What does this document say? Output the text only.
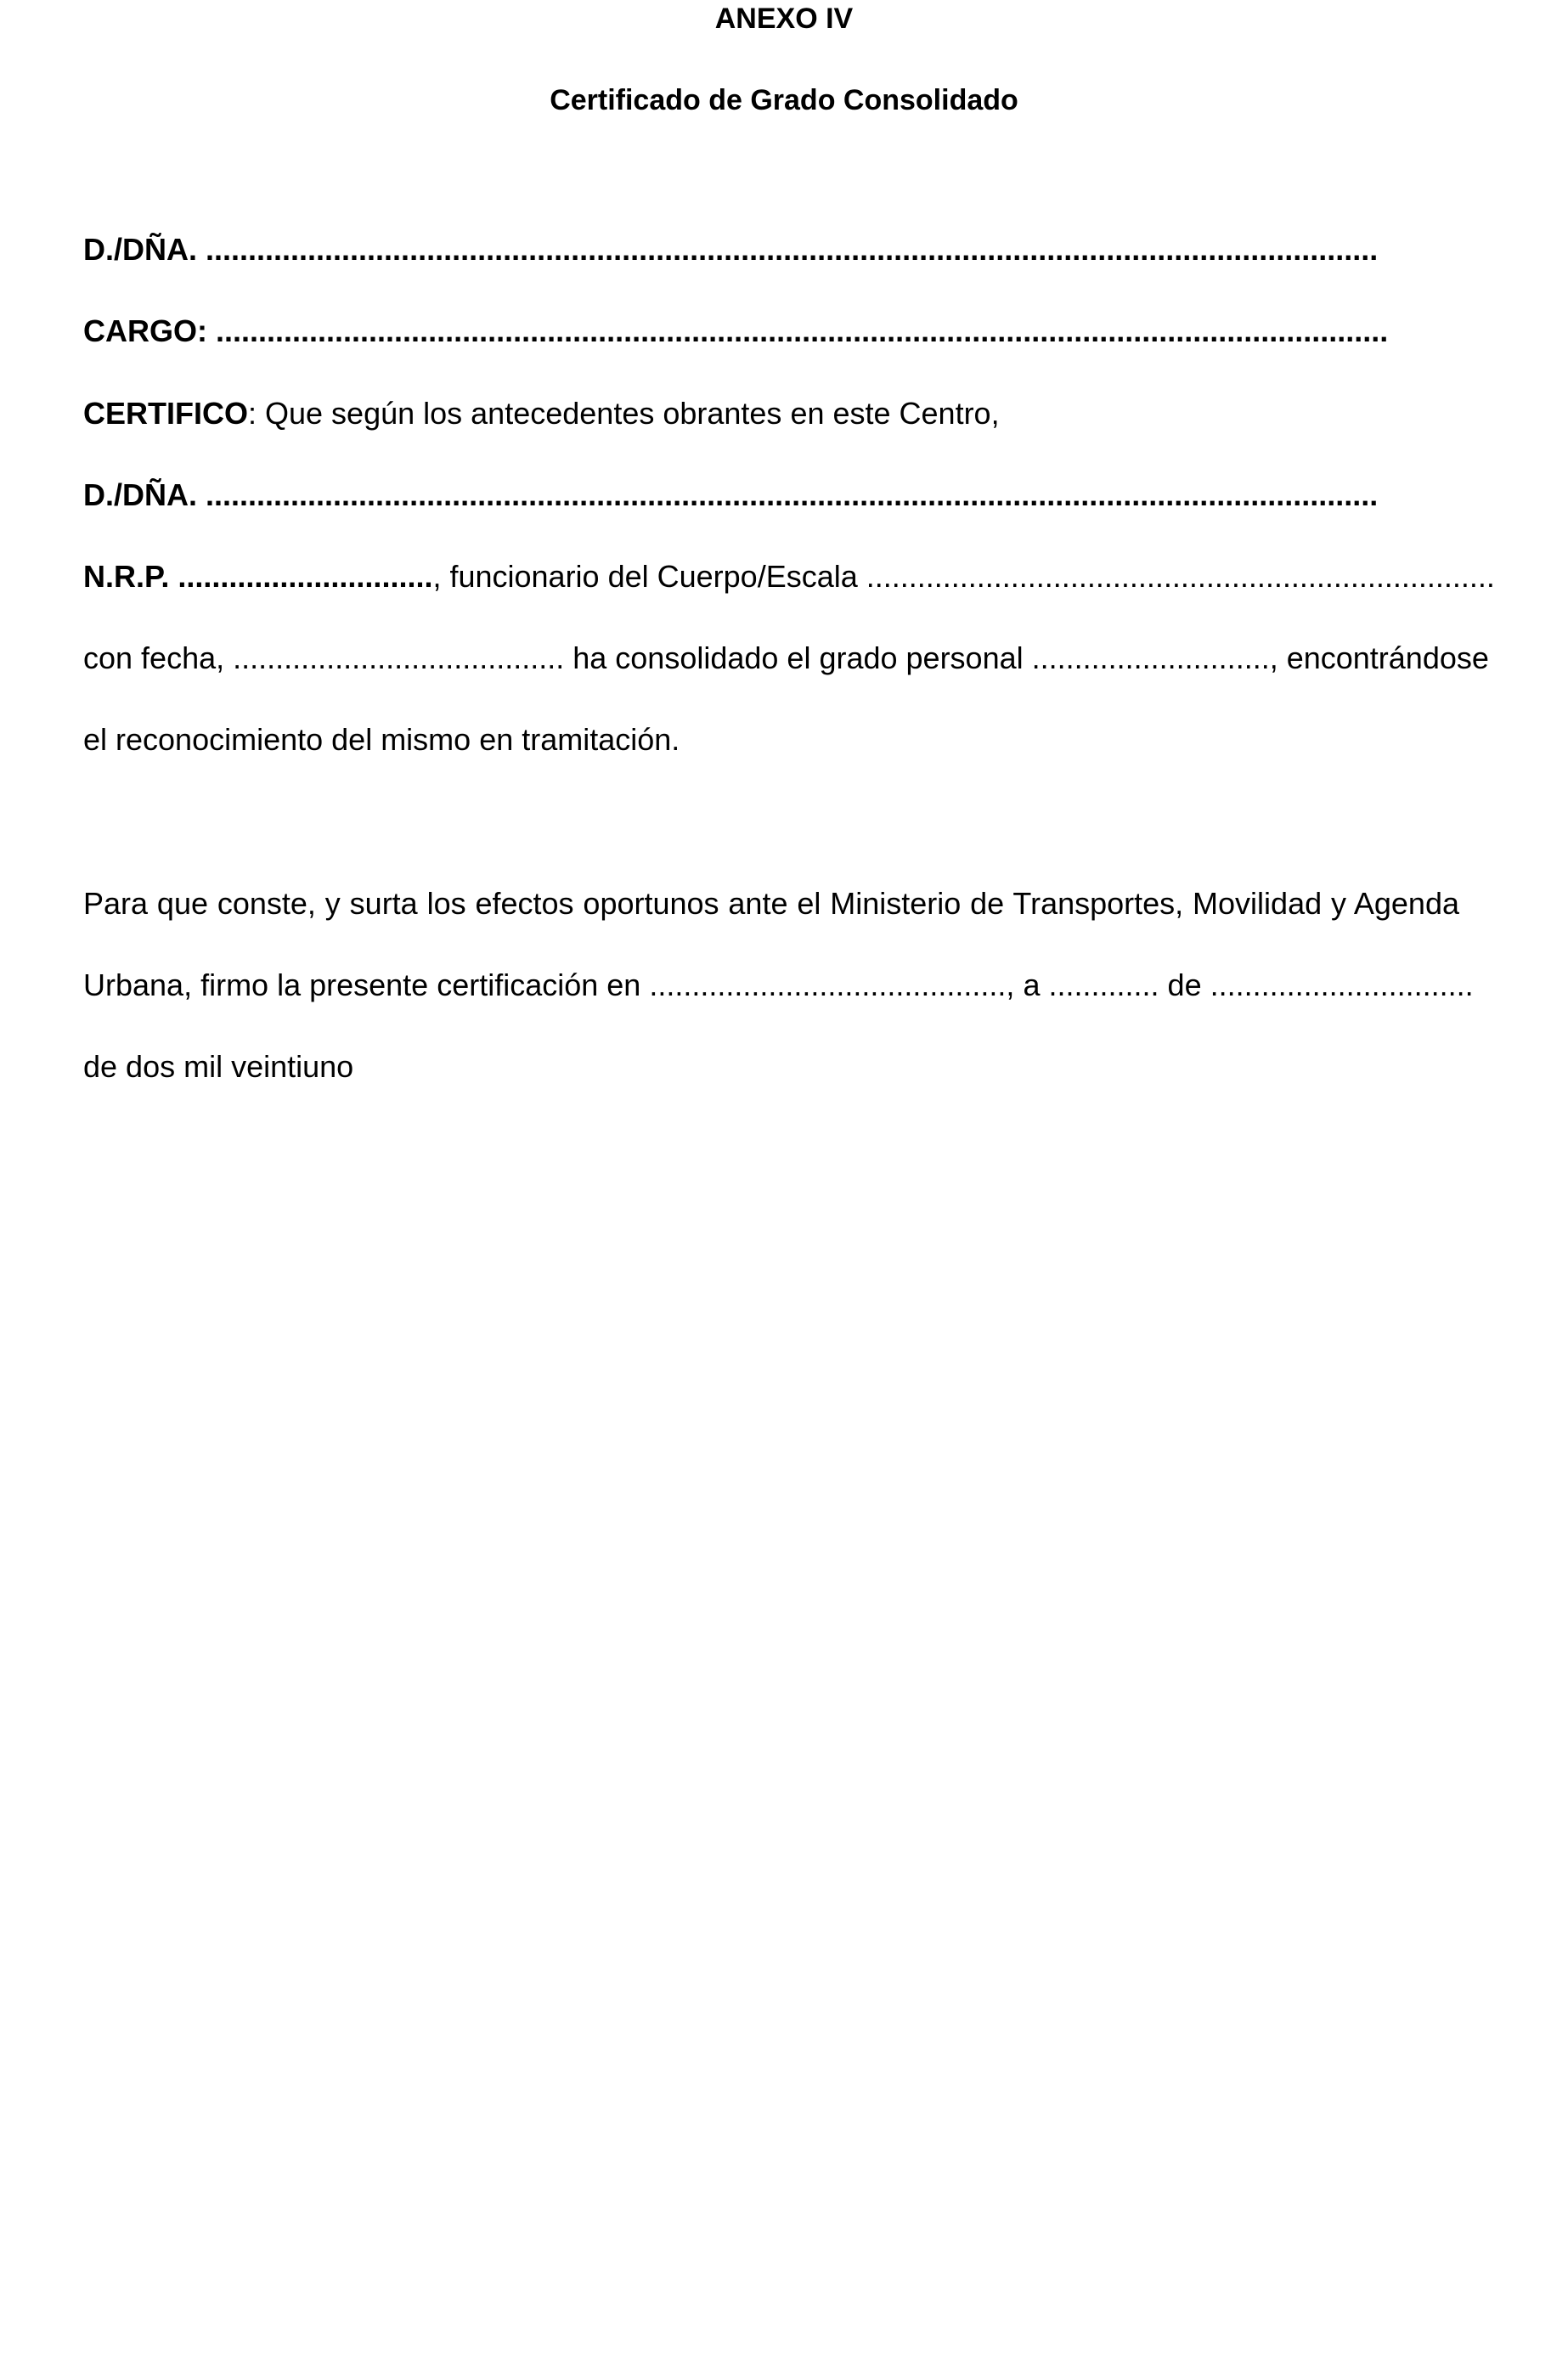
ANEXO IV
Certificado de Grado Consolidado
D./DÑA. ..........................................................................................................................................
CARGO: ..........................................................................................................................................
CERTIFICO: Que según los antecedentes obrantes en este Centro,
D./DÑA. ..........................................................................................................................................
N.R.P. .............................., funcionario del Cuerpo/Escala ..........................................................................
con fecha, ....................................... ha consolidado el grado personal ............................, encontrándose
el reconocimiento del mismo en tramitación.
Para que conste, y surta los efectos oportunos ante el Ministerio de Transportes, Movilidad y Agenda
Urbana, firmo la presente certificación en .........................................., a ............. de ...............................
de dos mil veintiuno
